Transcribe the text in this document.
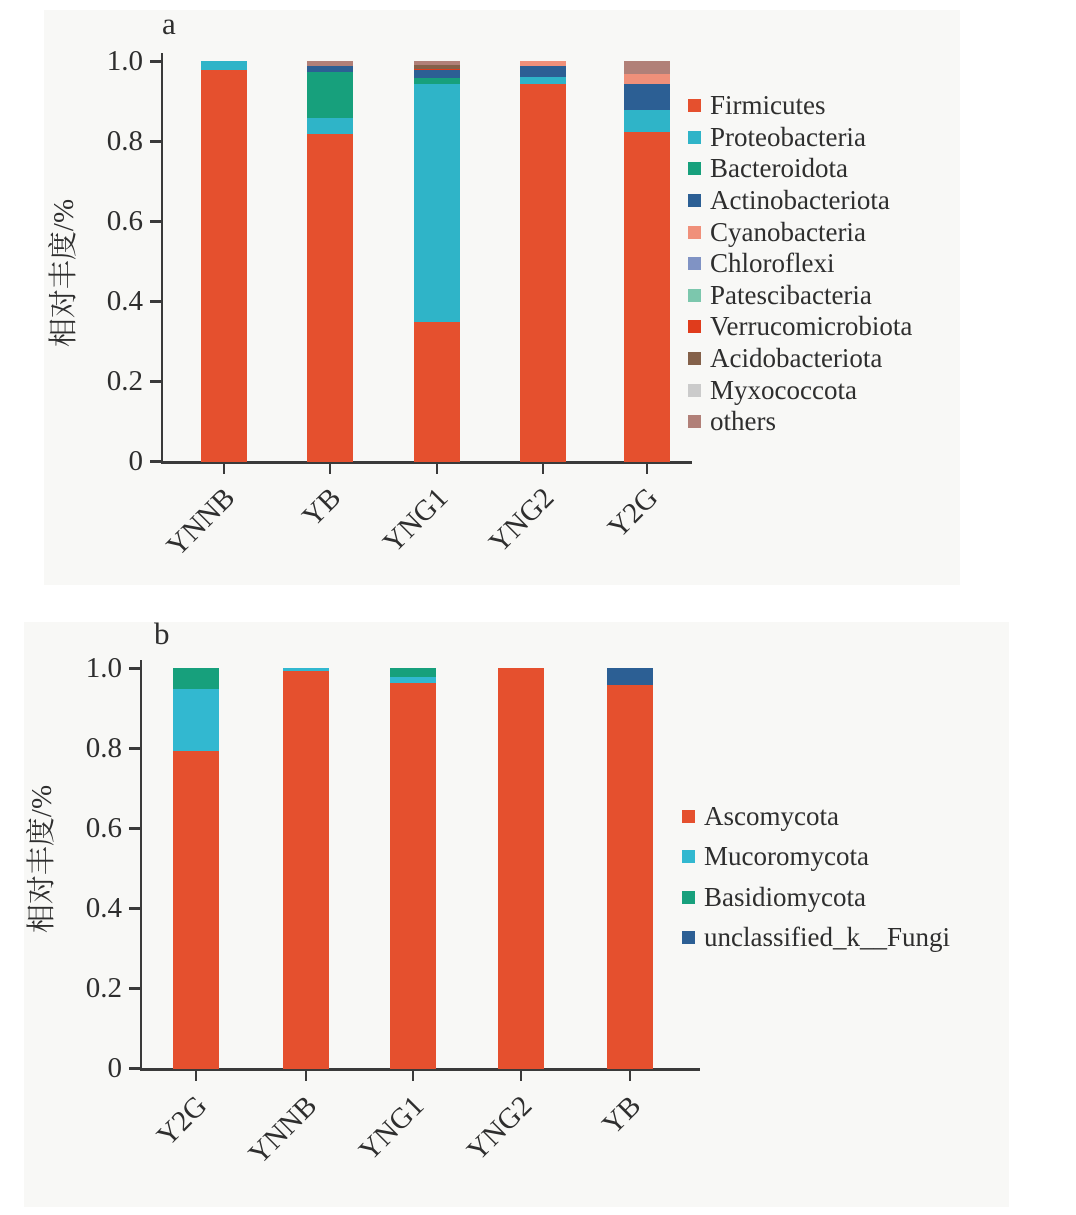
a
b
相对丰度/%
相对丰度/%
0
0.2
0.4
0.6
0.8
1.0
YNNB	YB	YNG1 YNG2	Y2G
0
0.2
0.4
0.6
0.8
1.0
Y2G	YNNB	YNG1	YNG2	YB
Firmicutes
Proteobacteria
Bacteroidota
Actinobacteriota
Cyanobacteria
Chloroflexi
Patescibacteria
Verrucomicrobiota
Acidobacteriota
Myxococcota
others
Ascomycota
Mucoromycota
Basidiomycota
unclassified_k__Fungi
